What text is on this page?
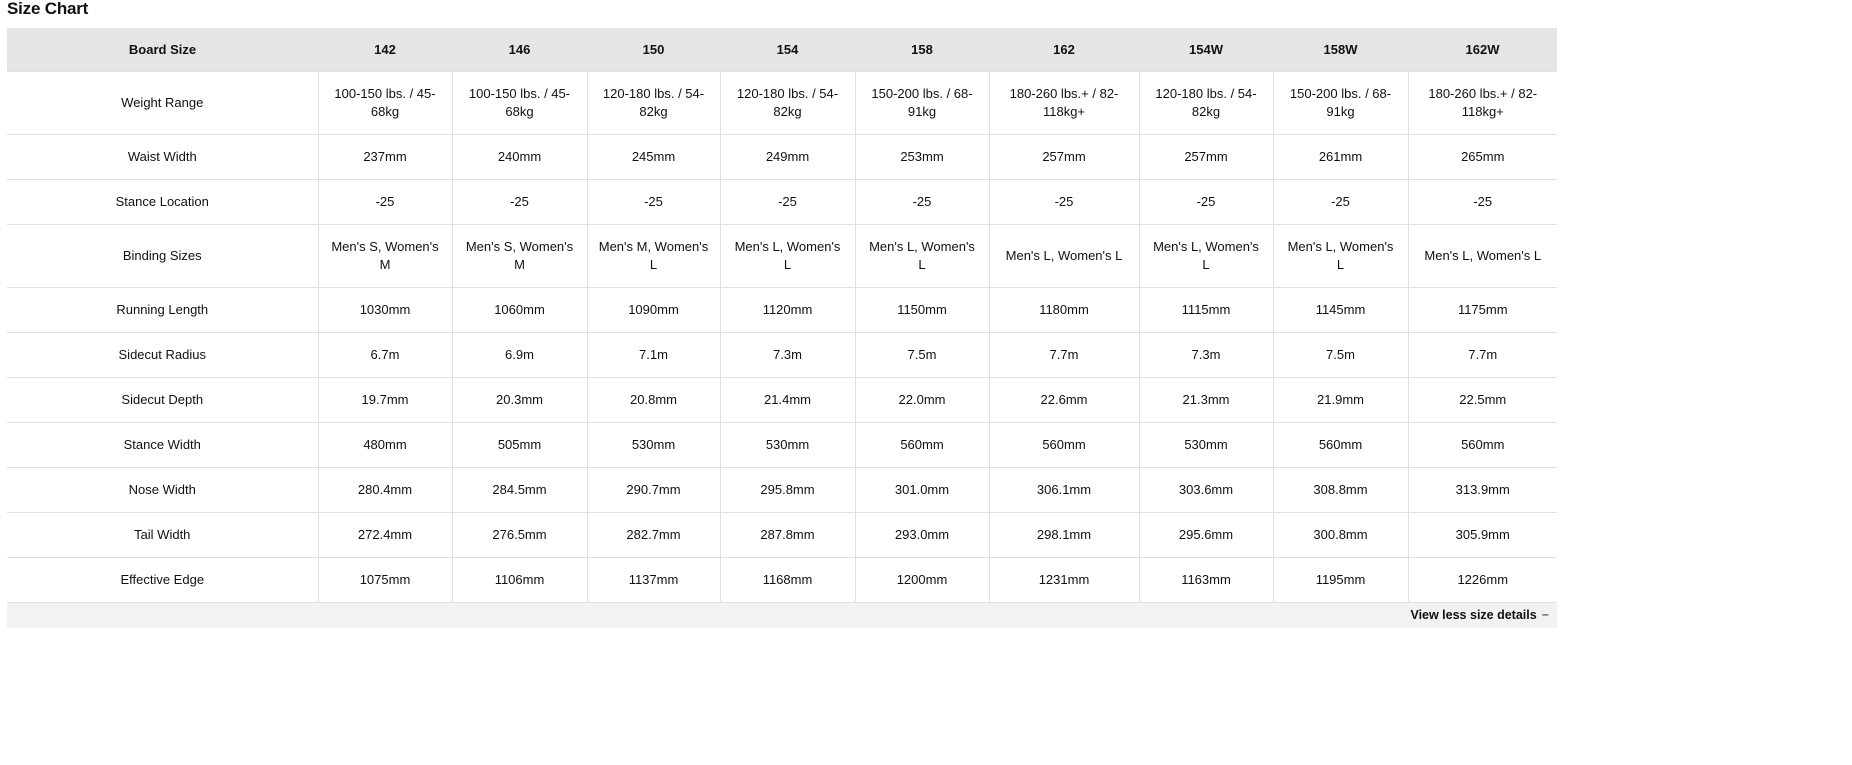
Size Chart
Board Size	142	146	150	154	158	162	154W	158W	162W
Weight Range	100-150 lbs. / 45-68kg	100-150 lbs. / 45-68kg	120-180 lbs. / 54-82kg	120-180 lbs. / 54-82kg	150-200 lbs. / 68-91kg	180-260 lbs.+ / 82-118kg+	120-180 lbs. / 54-82kg	150-200 lbs. / 68-91kg	180-260 lbs.+ / 82-118kg+
Waist Width	237mm	240mm	245mm	249mm	253mm	257mm	257mm	261mm	265mm
Stance Location	-25	-25	-25	-25	-25	-25	-25	-25	-25
Binding Sizes	Men's S, Women's M	Men's S, Women's M	Men's M, Women's L	Men's L, Women's L	Men's L, Women's L	Men's L, Women's L	Men's L, Women's L	Men's L, Women's L	Men's L, Women's L
Running Length	1030mm	1060mm	1090mm	1120mm	1150mm	1180mm	1115mm	1145mm	1175mm
Sidecut Radius	6.7m	6.9m	7.1m	7.3m	7.5m	7.7m	7.3m	7.5m	7.7m
Sidecut Depth	19.7mm	20.3mm	20.8mm	21.4mm	22.0mm	22.6mm	21.3mm	21.9mm	22.5mm
Stance Width	480mm	505mm	530mm	530mm	560mm	560mm	530mm	560mm	560mm
Nose Width	280.4mm	284.5mm	290.7mm	295.8mm	301.0mm	306.1mm	303.6mm	308.8mm	313.9mm
Tail Width	272.4mm	276.5mm	282.7mm	287.8mm	293.0mm	298.1mm	295.6mm	300.8mm	305.9mm
Effective Edge	1075mm	1106mm	1137mm	1168mm	1200mm	1231mm	1163mm	1195mm	1226mm
View less size details −
